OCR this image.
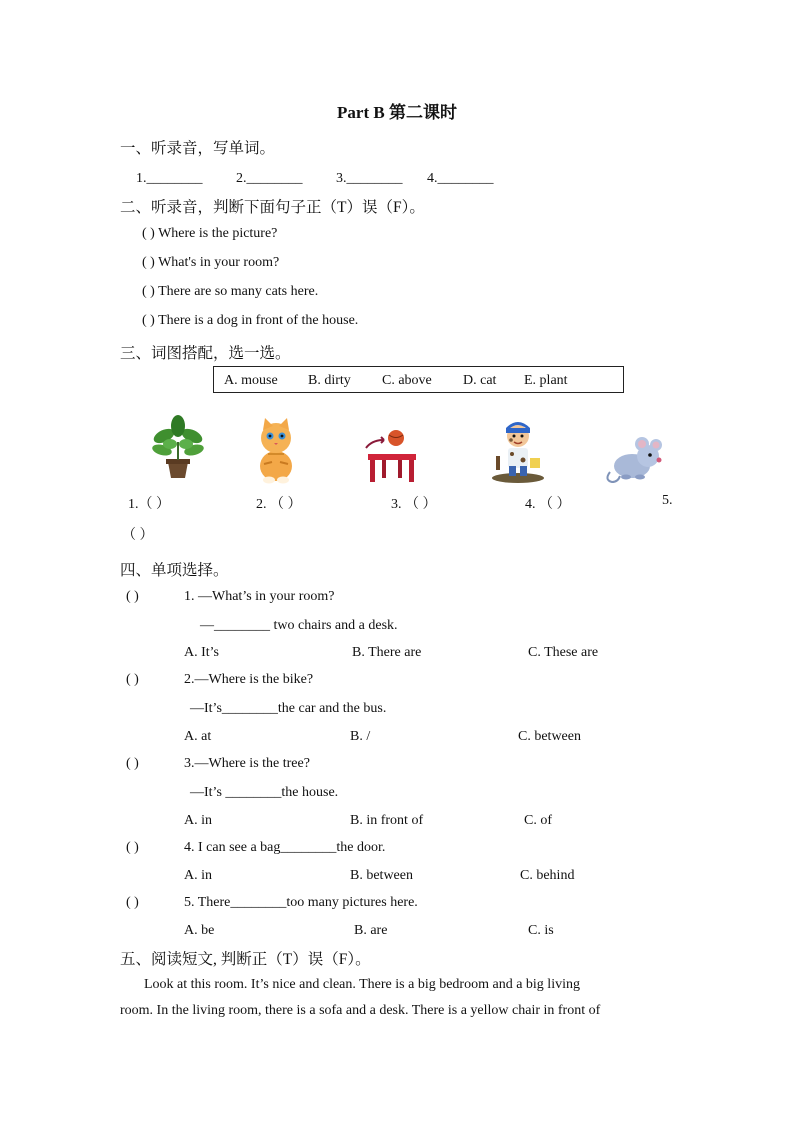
Part B 第二课时
一、听录音，写单词。
1.________ 2.________ 3.________ 4.________
二、听录音，判断下面句子正（T）误（F）。
( ) Where is the picture?
( ) What's in your room?
( ) There are so many cats here.
( ) There is a dog in front of the house.
三、词图搭配，选一选。
A. mouse B. dirty C. above D. cat E. plant
1.（ ）	2. （ ）	3. （ ）	4. （ ）	5.
（ ）
四、单项选择。
( )	1. —What’s in your room?
—________ two chairs and a desk.
A. It’s	B. There are	C. These are
( )	2.—Where is the bike?
—It’s________the car and the bus.
A. at	B. /	C. between
( )	3.—Where is the tree?
—It’s ________the house.
A. in	B. in front of	C. of
( )	4. I can see a bag________the door.
A. in	B. between	C. behind
( )	5. There________too many pictures here.
A. be	B. are	C. is
五、阅读短文, 判断正（T）误（F）。
Look at this room. It’s nice and clean. There is a big bedroom and a big living
room. In the living room, there is a sofa and a desk. There is a yellow chair in front of
